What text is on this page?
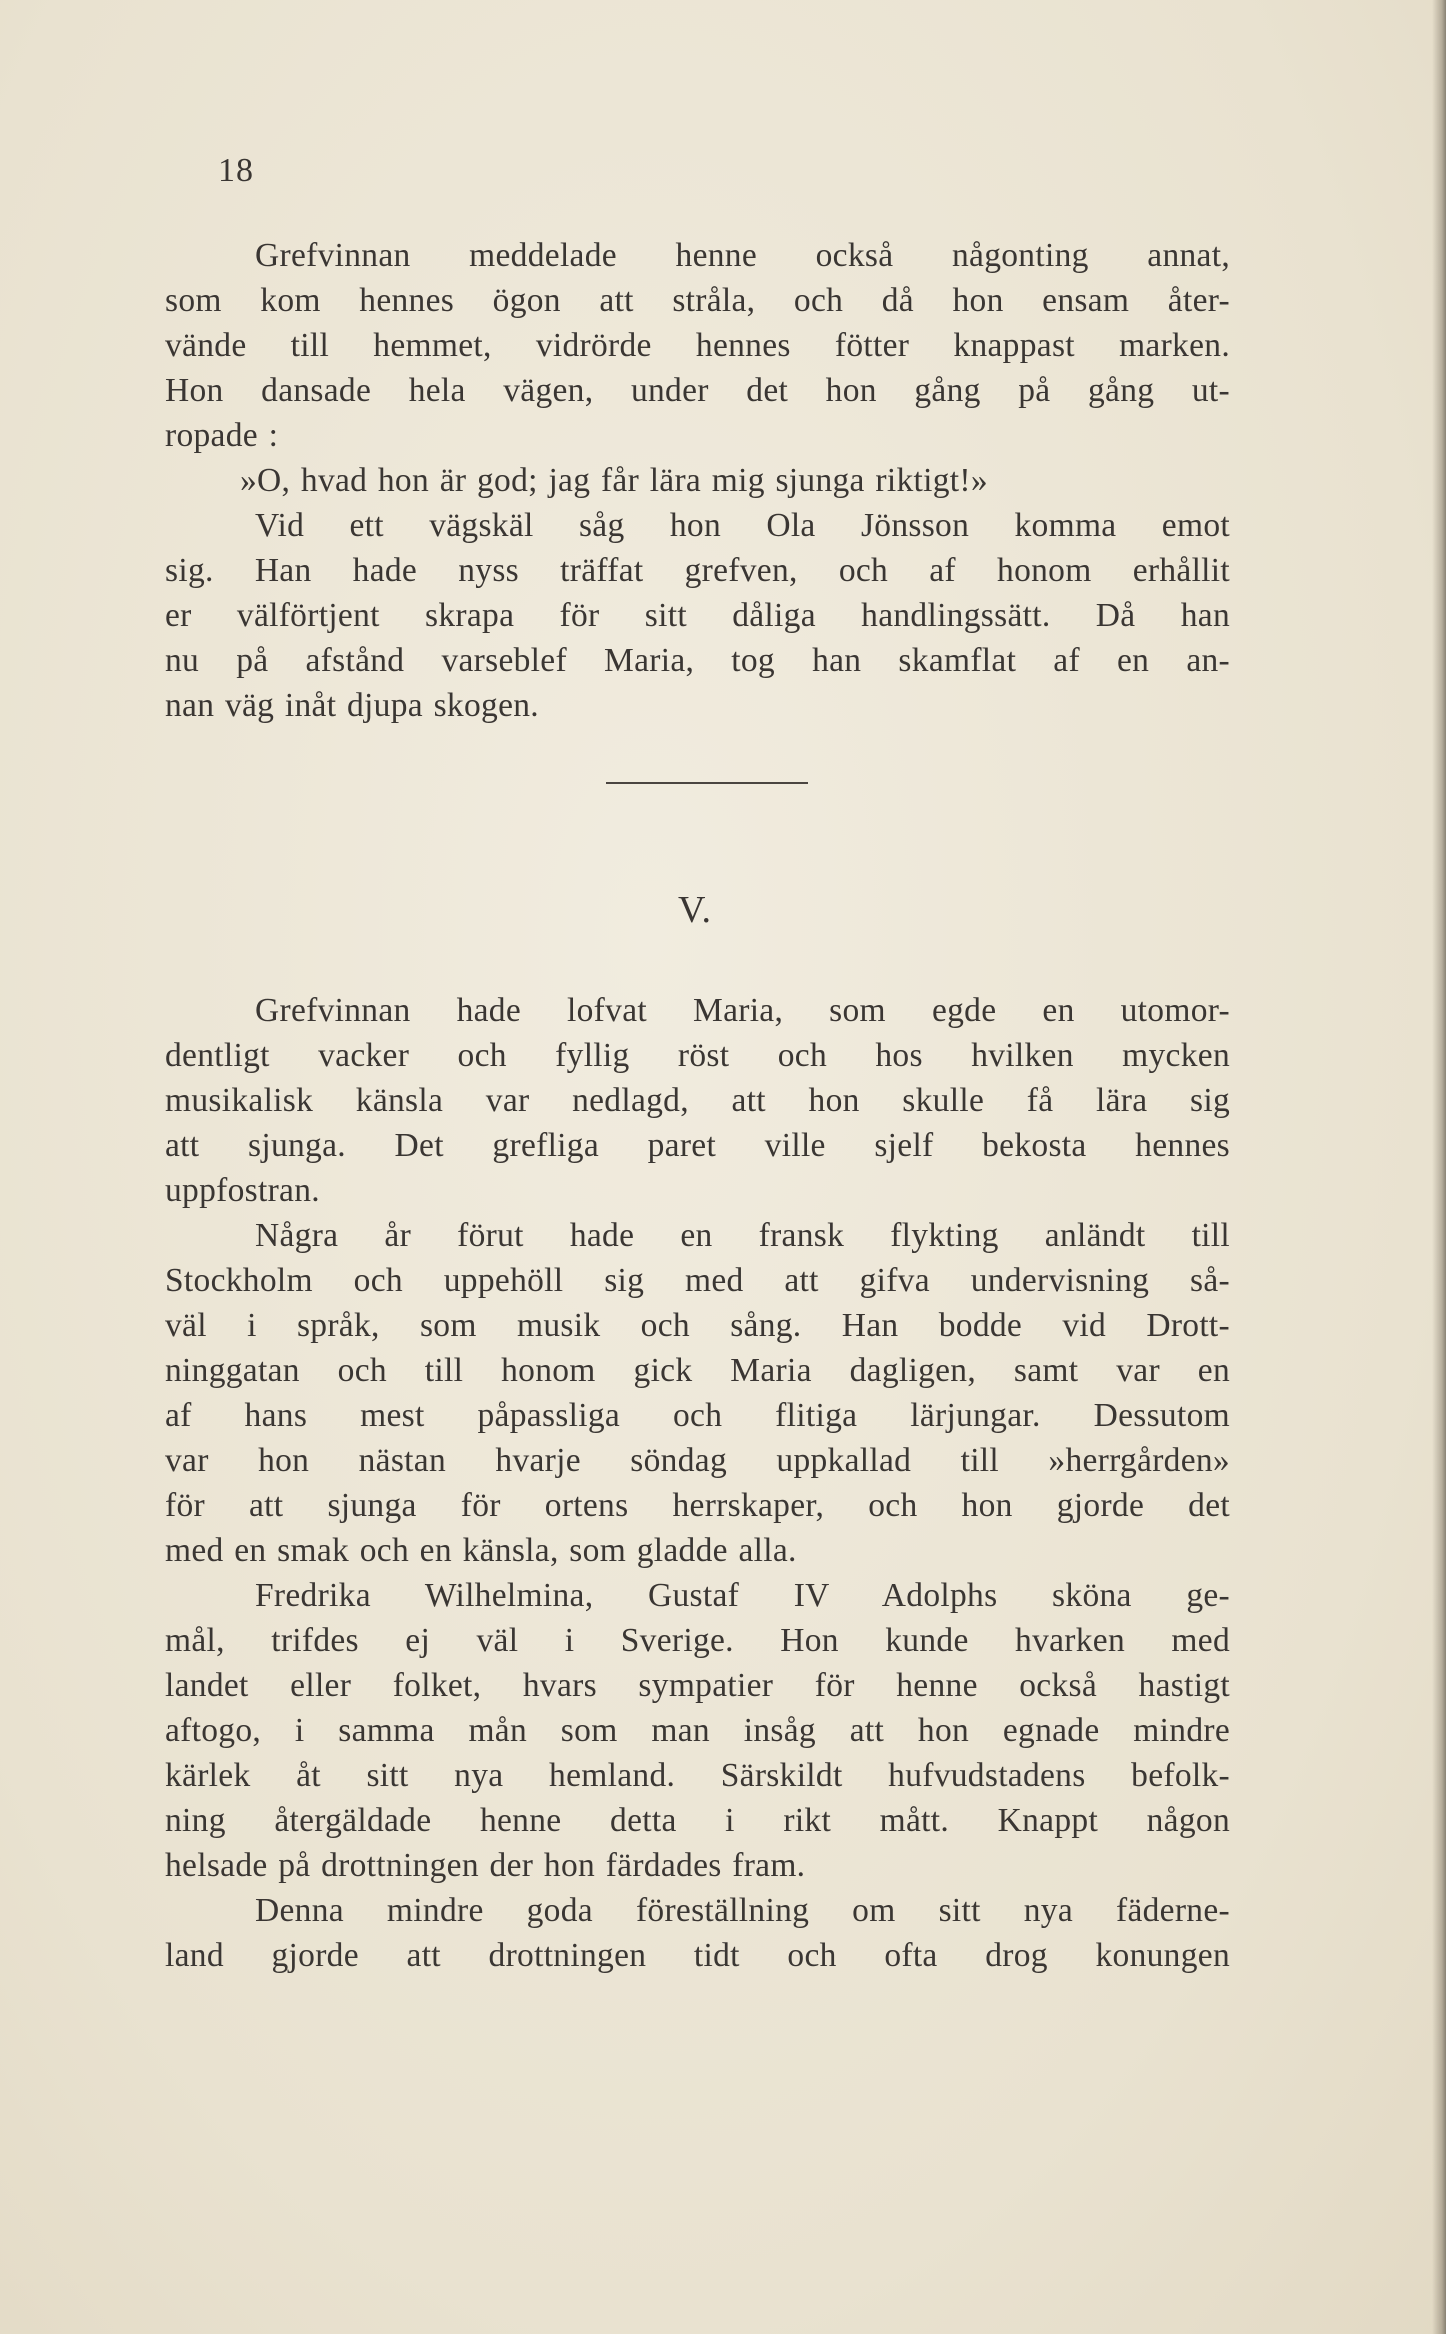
18
Grefvinnan meddelade henne också någonting annat,
som kom hennes ögon att stråla, och då hon ensam åter-
vände till hemmet, vidrörde hennes fötter knappast marken.
Hon dansade hela vägen, under det hon gång på gång ut-
ropade :
»O, hvad hon är god; jag får lära mig sjunga riktigt!»
Vid ett vägskäl såg hon Ola Jönsson komma emot
sig. Han hade nyss träffat grefven, och af honom erhållit
er välförtjent skrapa för sitt dåliga handlingssätt. Då han
nu på afstånd varseblef Maria, tog han skamflat af en an-
nan väg inåt djupa skogen.
V.
Grefvinnan hade lofvat Maria, som egde en utomor-
dentligt vacker och fyllig röst och hos hvilken mycken
musikalisk känsla var nedlagd, att hon skulle få lära sig
att sjunga. Det grefliga paret ville sjelf bekosta hennes
uppfostran.
Några år förut hade en fransk flykting anländt till
Stockholm och uppehöll sig med att gifva undervisning så-
väl i språk, som musik och sång. Han bodde vid Drott-
ninggatan och till honom gick Maria dagligen, samt var en
af hans mest påpassliga och flitiga lärjungar. Dessutom
var hon nästan hvarje söndag uppkallad till »herrgården»
för att sjunga för ortens herrskaper, och hon gjorde det
med en smak och en känsla, som gladde alla.
Fredrika Wilhelmina, Gustaf IV Adolphs sköna ge-
mål, trifdes ej väl i Sverige. Hon kunde hvarken med
landet eller folket, hvars sympatier för henne också hastigt
aftogo, i samma mån som man insåg att hon egnade mindre
kärlek åt sitt nya hemland. Särskildt hufvudstadens befolk-
ning återgäldade henne detta i rikt mått. Knappt någon
helsade på drottningen der hon färdades fram.
Denna mindre goda föreställning om sitt nya fäderne-
land gjorde att drottningen tidt och ofta drog konungen
